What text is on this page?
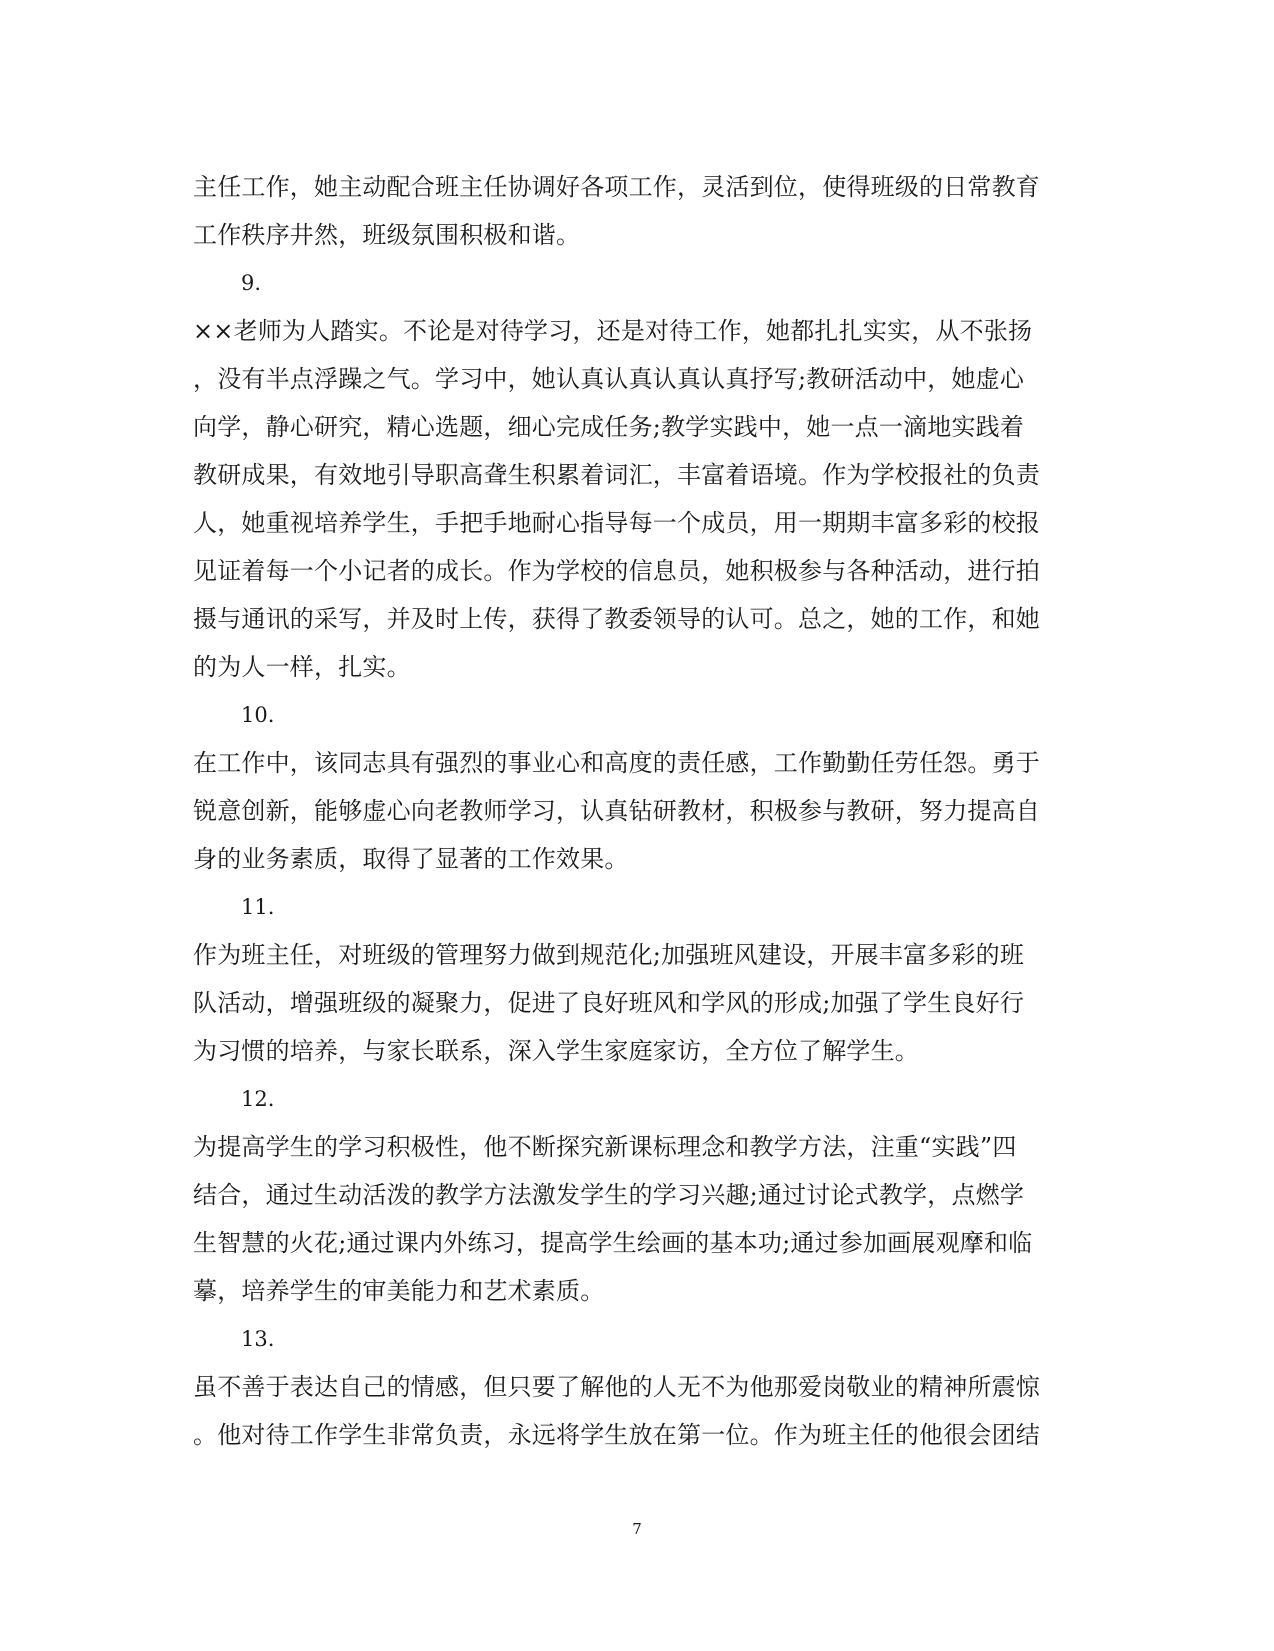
主任工作，她主动配合班主任协调好各项工作，灵活到位，使得班级的日常教育
工作秩序井然，班级氛围积极和谐。
9.
××老师为人踏实。不论是对待学习，还是对待工作，她都扎扎实实，从不张扬
，没有半点浮躁之气。学习中，她认真认真认真认真抒写;教研活动中，她虚心
向学，静心研究，精心选题，细心完成任务;教学实践中，她一点一滴地实践着
教研成果，有效地引导职高聋生积累着词汇，丰富着语境。作为学校报社的负责
人，她重视培养学生，手把手地耐心指导每一个成员，用一期期丰富多彩的校报
见证着每一个小记者的成长。作为学校的信息员，她积极参与各种活动，进行拍
摄与通讯的采写，并及时上传，获得了教委领导的认可。总之，她的工作，和她
的为人一样，扎实。
10.
在工作中，该同志具有强烈的事业心和高度的责任感，工作勤勤任劳任怨。勇于
锐意创新，能够虚心向老教师学习，认真钻研教材，积极参与教研，努力提高自
身的业务素质，取得了显著的工作效果。
11.
作为班主任，对班级的管理努力做到规范化;加强班风建设，开展丰富多彩的班
队活动，增强班级的凝聚力，促进了良好班风和学风的形成;加强了学生良好行
为习惯的培养，与家长联系，深入学生家庭家访，全方位了解学生。
12.
为提高学生的学习积极性，他不断探究新课标理念和教学方法，注重“实践”四
结合，通过生动活泼的教学方法激发学生的学习兴趣;通过讨论式教学，点燃学
生智慧的火花;通过课内外练习，提高学生绘画的基本功;通过参加画展观摩和临
摹，培养学生的审美能力和艺术素质。
13.
虽不善于表达自己的情感，但只要了解他的人无不为他那爱岗敬业的精神所震惊
。他对待工作学生非常负责，永远将学生放在第一位。作为班主任的他很会团结
7
